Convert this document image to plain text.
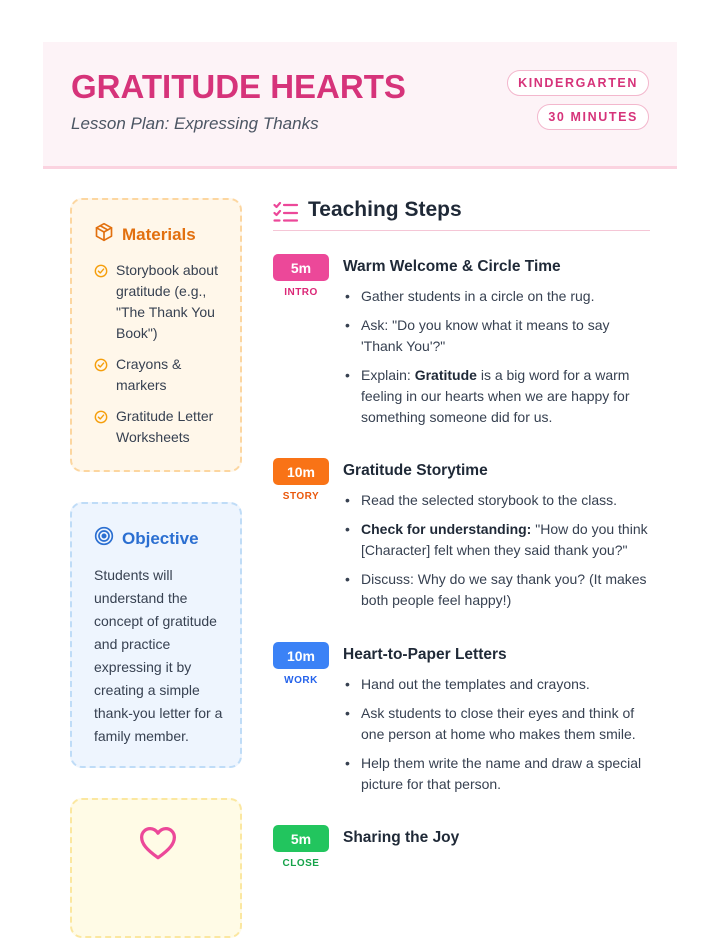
GRATITUDE HEARTS
Lesson Plan: Expressing Thanks
KINDERGARTEN
30 MINUTES
Materials
Storybook about gratitude (e.g., "The Thank You Book")
Crayons & markers
Gratitude Letter Worksheets
Objective
Students will understand the concept of gratitude and practice expressing it by creating a simple thank-you letter for a family member.
Teaching Steps
5m
INTRO
Warm Welcome & Circle Time
• Gather students in a circle on the rug.
• Ask: "Do you know what it means to say 'Thank You'?"
• Explain: Gratitude is a big word for a warm feeling in our hearts when we are happy for something someone did for us.
10m
STORY
Gratitude Storytime
• Read the selected storybook to the class.
• Check for understanding: "How do you think [Character] felt when they said thank you?"
• Discuss: Why do we say thank you? (It makes both people feel happy!)
10m
WORK
Heart-to-Paper Letters
• Hand out the templates and crayons.
• Ask students to close their eyes and think of one person at home who makes them smile.
• Help them write the name and draw a special picture for that person.
5m
CLOSE
Sharing the Joy
